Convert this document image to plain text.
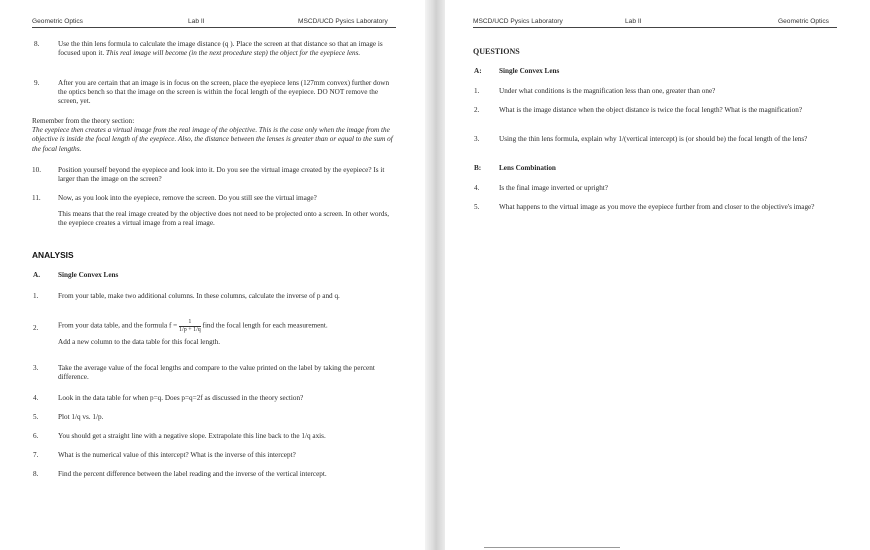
Geometric Optics	Lab II	MSCD/UCD Pysics Laboratory
8.	Use the thin lens formula to calculate the image distance (q ). Place the screen at that distance so that an image is focused upon it. This real image will become (in the next procedure step) the object for the eyepiece lens.
9.	After you are certain that an image is in focus on the screen, place the eyepiece lens (127mm convex) further down the optics bench so that the image on the screen is within the focal length of the eyepiece. DO NOT remove the screen, yet.
Remember from the theory section:
The eyepiece then creates a virtual image from the real image of the objective. This is the case only when the image from the objective is inside the focal length of the eyepiece. Also, the distance between the lenses is greater than or equal to the sum of the focal lengths.
10. Position yourself beyond the eyepiece and look into it. Do you see the virtual image created by the eyepiece? Is it larger than the image on the screen?
11. Now, as you look into the eyepiece, remove the screen. Do you still see the virtual image?
This means that the real image created by the objective does not need to be projected onto a screen. In other words, the eyepiece creates a virtual image from a real image.
ANALYSIS
A.	Single Convex Lens
1.	From your table, make two additional columns. In these columns, calculate the inverse of p and q.
2.	From your data table, and the formula $f = \frac{1}{1/p + 1/q}$ find the focal length for each measurement.
Add a new column to the data table for this focal length.
3.	Take the average value of the focal lengths and compare to the value printed on the label by taking the percent difference.
4.	Look in the data table for when p=q. Does p=q=2f as discussed in the theory section?
5.	Plot 1/q vs. 1/p.
6.	You should get a straight line with a negative slope. Extrapolate this line back to the 1/q axis.
7.	What is the numerical value of this intercept? What is the inverse of this intercept?
8.	Find the percent difference between the label reading and the inverse of the vertical intercept.
MSCD/UCD Pysics Laboratory	Lab II	Geometric Optics
QUESTIONS
A: Single Convex Lens
1.	Under what conditions is the magnification less than one, greater than one?
2.	What is the image distance when the object distance is twice the focal length? What is the magnification?
3.	Using the thin lens formula, explain why 1/(vertical intercept) is (or should be) the focal length of the lens?
B: Lens Combination
4.	Is the final image inverted or upright?
5.	What happens to the virtual image as you move the eyepiece further from and closer to the objective's image?
